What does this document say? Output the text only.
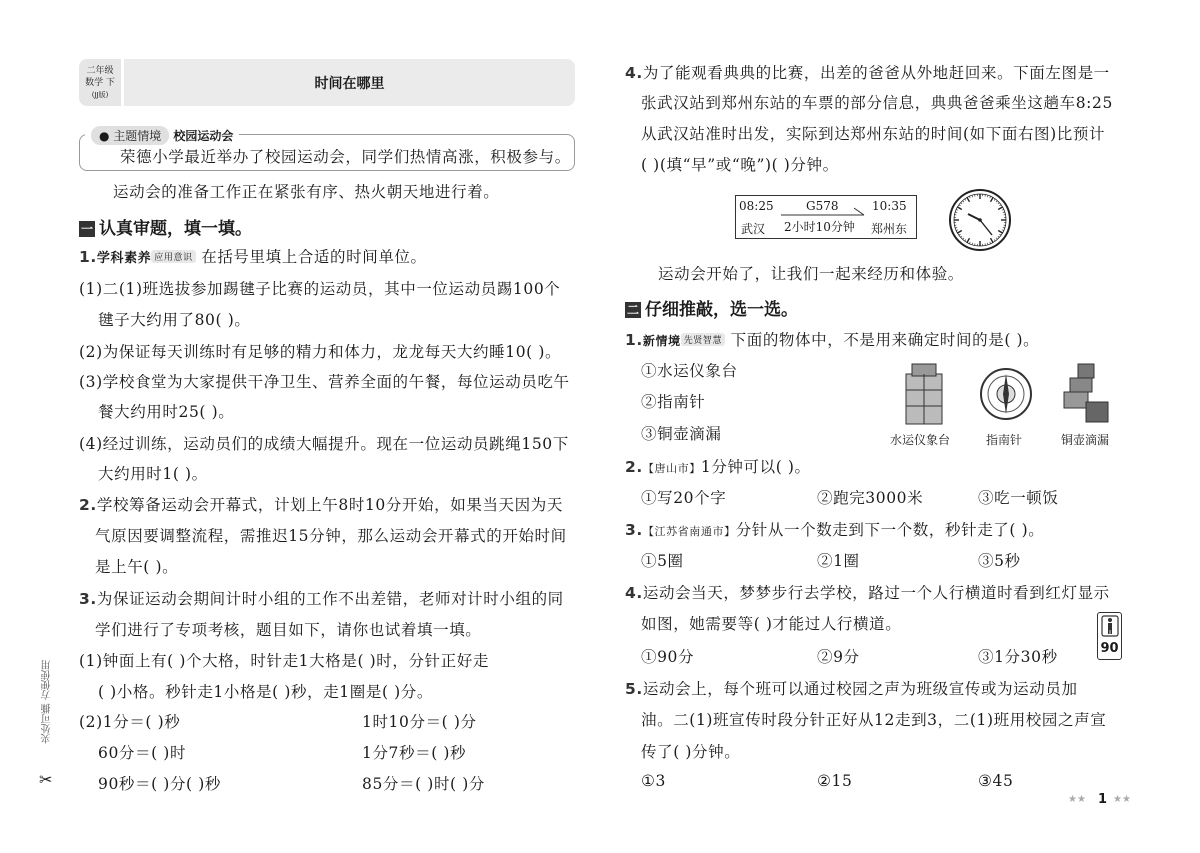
二年级
数学 下
(JJ版)
时间在哪里
● 主题情境 校园运动会
荣德小学最近举办了校园运动会，同学们热情高涨，积极参与。
运动会的准备工作正在紧张有序、热火朝天地进行着。
一 认真审题，填一填。
1.学科素养 应用意识 在括号里填上合适的时间单位。
(1)二(1)班选拔参加踢毽子比赛的运动员，其中一位运动员踢100个
毽子大约用了80( )。
(2)为保证每天训练时有足够的精力和体力，龙龙每天大约睡10( )。
(3)学校食堂为大家提供干净卫生、营养全面的午餐，每位运动员吃午
餐大约用时25( )。
(4)经过训练，运动员们的成绩大幅提升。现在一位运动员跳绳150下
大约用时1( )。
2.学校筹备运动会开幕式，计划上午8时10分开始，如果当天因为天
气原因要调整流程，需推迟15分钟，那么运动会开幕式的开始时间
是上午( )。
3.为保证运动会期间计时小组的工作不出差错，老师对计时小组的同
学们进行了专项考核，题目如下，请你也试着填一填。
(1)钟面上有( )个大格，时针走1大格是( )时，分针正好走
( )小格。秒针走1小格是( )秒，走1圈是( )分。
(2)1分＝( )秒	1时10分＝( )分
60分＝( )时	1分7秒＝( )秒
90秒＝( )分( )秒	85分＝( )时( )分
夹处可撕 方便使用
✂
4.为了能观看典典的比赛，出差的爸爸从外地赶回来。下面左图是一
张武汉站到郑州东站的车票的部分信息，典典爸爸乘坐这趟车8:25
从武汉站准时出发，实际到达郑州东站的时间(如下面右图)比预计
( )(填“早”或“晚”)( )分钟。
08:25	G578	10:35
武汉 2小时10分钟 郑州东
运动会开始了，让我们一起来经历和体验。
二 仔细推敲，选一选。
1.新情境 先贤智慧 下面的物体中，不是用来确定时间的是( )。
①水运仪象台
②指南针
③铜壶滴漏	水运仪象台	指南针	铜壶滴漏
2.【唐山市】1分钟可以( )。
①写20个字	②跑完3000米	③吃一顿饭
3.【江苏省南通市】分针从一个数走到下一个数，秒针走了( )。
①5圈	②1圈	③5秒
4.运动会当天，梦梦步行去学校，路过一个人行横道时看到红灯显示
如图，她需要等( )才能过人行横道。
①90分	②9分	③1分30秒	90
5.运动会上，每个班可以通过校园之声为班级宣传或为运动员加
油。二(1)班宣传时段分针正好从12走到3，二(1)班用校园之声宣
传了( )分钟。
①3	②15	③45
★★ 1 ★★
